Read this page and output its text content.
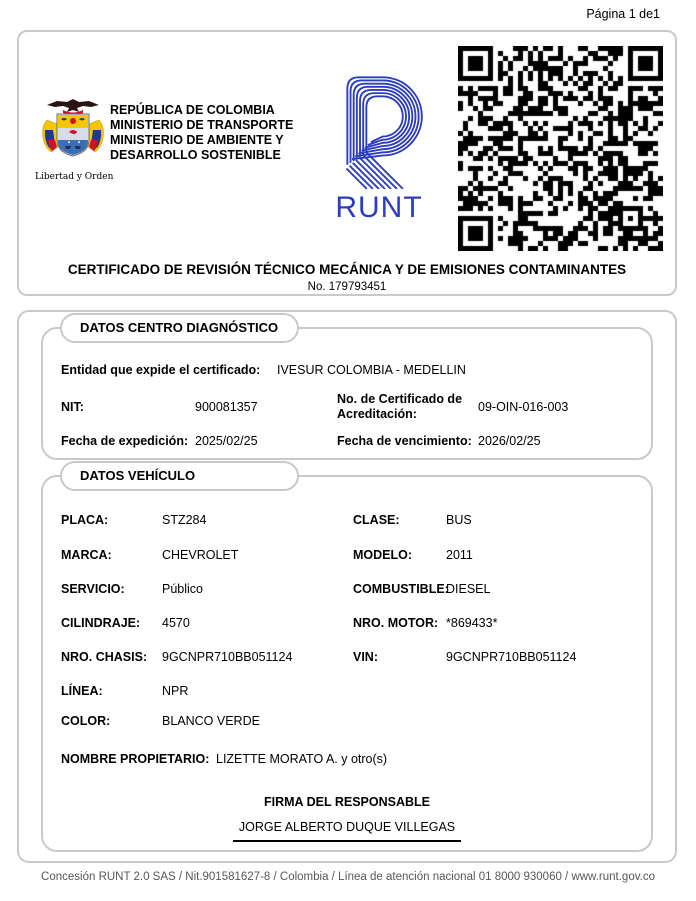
Página 1 de1
Libertad y Orden
REPÚBLICA DE COLOMBIA
MINISTERIO DE TRANSPORTE
MINISTERIO DE AMBIENTE Y
DESARROLLO SOSTENIBLE
RUNT
CERTIFICADO DE REVISIÓN TÉCNICO MECÁNICA Y DE EMISIONES CONTAMINANTES
No. 179793451
DATOS CENTRO DIAGNÓSTICO
Entidad que expide el certificado:	IVESUR COLOMBIA - MEDELLIN
NIT:	900081357
No. de Certificado de Acreditación:
09-OIN-016-003
Fecha de expedición: 2025/02/25	Fecha de vencimiento: 2026/02/25
DATOS VEHÍCULO
PLACA:	STZ284	CLASE:	BUS
MARCA:	CHEVROLET	MODELO:	2011
SERVICIO:	Público	COMBUSTIBLE:
DIESEL
CILINDRAJE:	4570	NRO. MOTOR: *869433*
NRO. CHASIS:	9GCNPR710BB051124	VIN:	9GCNPR710BB051124
LÍNEA:	NPR
COLOR:	BLANCO VERDE
NOMBRE PROPIETARIO: LIZETTE MORATO A. y otro(s)
FIRMA DEL RESPONSABLE
JORGE ALBERTO DUQUE VILLEGAS
Concesión RUNT 2.0 SAS / Nit.901581627-8 / Colombia / Línea de atención nacional 01 8000 930060 / www.runt.gov.co
